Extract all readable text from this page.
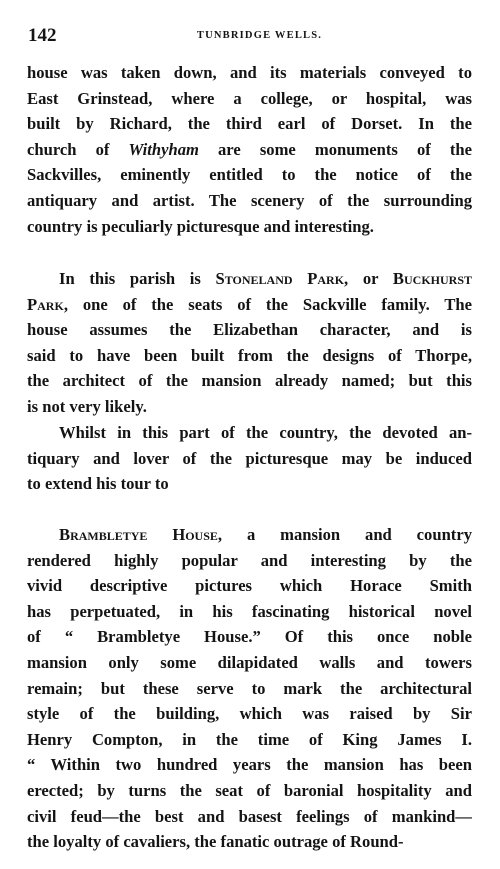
142	TUNBRIDGE WELLS.
house was taken down, and its materials conveyed to
East Grinstead, where a college, or hospital, was
built by Richard, the third earl of Dorset. In the
church of Withyham are some monuments of the
Sackvilles, eminently entitled to the notice of the
antiquary and artist. The scenery of the surrounding
country is peculiarly picturesque and interesting.
In this parish is Stoneland Park, or Buckhurst
Park, one of the seats of the Sackville family. The
house assumes the Elizabethan character, and is
said to have been built from the designs of Thorpe,
the architect of the mansion already named; but this
is not very likely.
Whilst in this part of the country, the devoted an-
tiquary and lover of the picturesque may be induced
to extend his tour to
Brambletye House, a mansion and country
rendered highly popular and interesting by the
vivid descriptive pictures which Horace Smith
has perpetuated, in his fascinating historical novel
of “ Brambletye House.” Of this once noble
mansion only some dilapidated walls and towers
remain; but these serve to mark the architectural
style of the building, which was raised by Sir
Henry Compton, in the time of King James I.
“ Within two hundred years the mansion has been
erected; by turns the seat of baronial hospitality and
civil feud—the best and basest feelings of mankind—
the loyalty of cavaliers, the fanatic outrage of Round-
